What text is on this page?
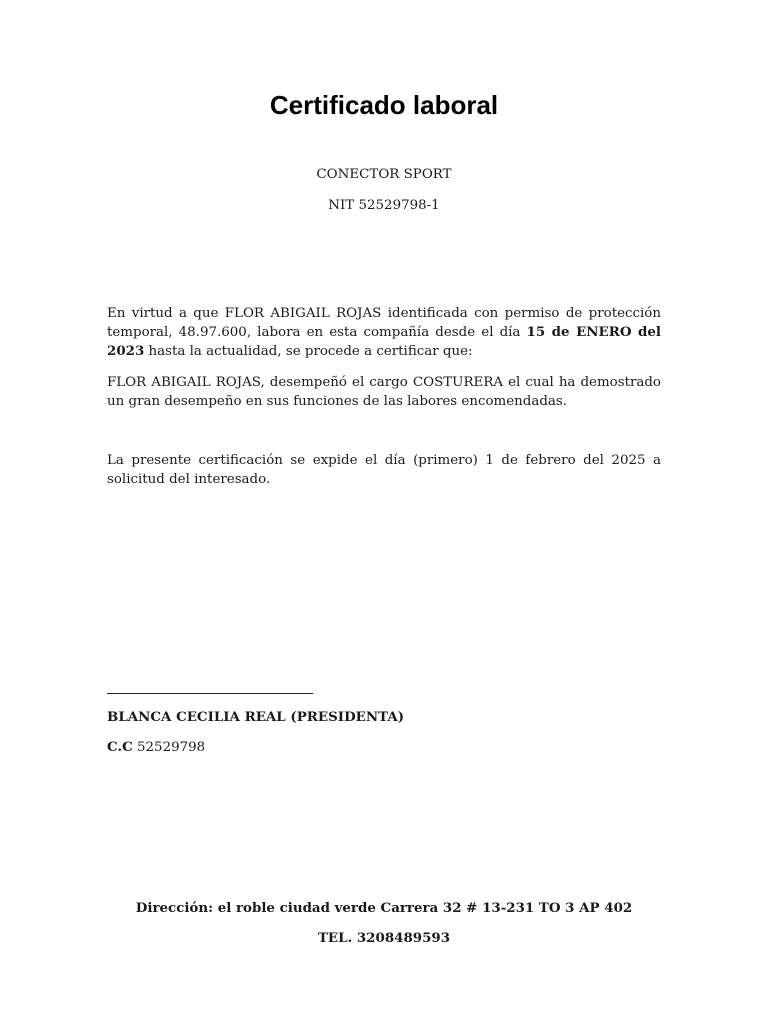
Certificado laboral
CONECTOR SPORT
NIT 52529798-1
En virtud a que FLOR ABIGAIL ROJAS identificada con permiso de protección temporal, 48.97.600, labora en esta compañía desde el día 15 de ENERO del 2023 hasta la actualidad, se procede a certificar que:
FLOR ABIGAIL ROJAS, desempeñó el cargo COSTURERA el cual ha demostrado un gran desempeño en sus funciones de las labores encomendadas.
La presente certificación se expide el día (primero) 1 de febrero del 2025 a solicitud del interesado.
BLANCA CECILIA REAL (PRESIDENTA)
C.C 52529798
Dirección: el roble ciudad verde Carrera 32 # 13-231 TO 3 AP 402
TEL. 3208489593
